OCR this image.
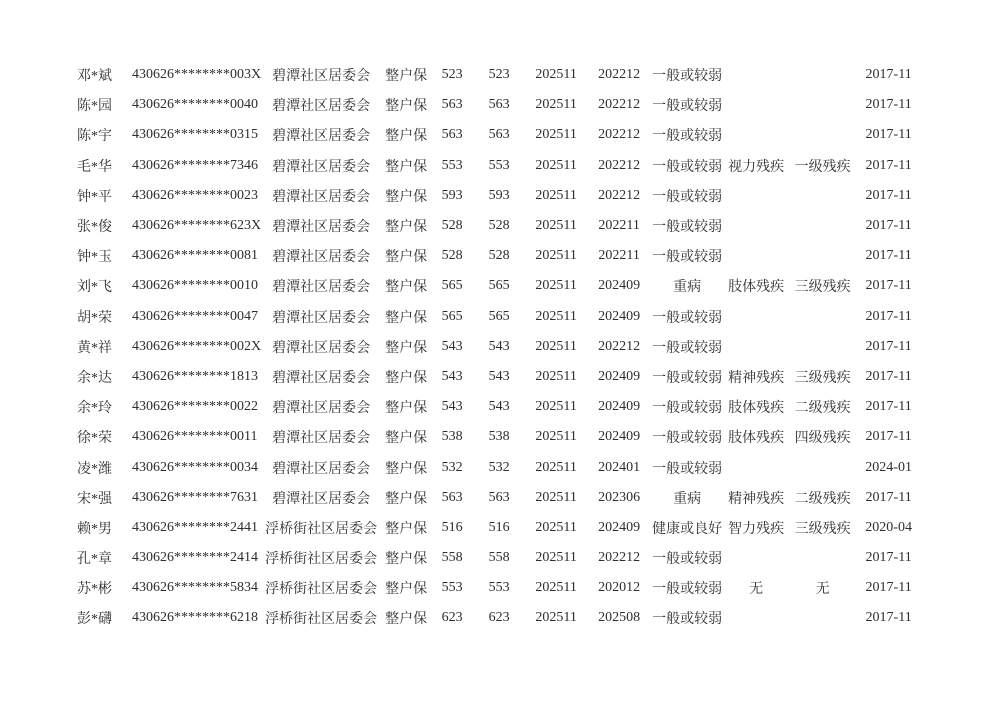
邓*斌	430626********003X	碧潭社区居委会	整户保	523	523	202511	202212	一般或较弱			2017-11
陈*园	430626********0040	碧潭社区居委会	整户保	563	563	202511	202212	一般或较弱			2017-11
陈*宇	430626********0315	碧潭社区居委会	整户保	563	563	202511	202212	一般或较弱			2017-11
毛*华	430626********7346	碧潭社区居委会	整户保	553	553	202511	202212	一般或较弱	视力残疾	一级残疾	2017-11
钟*平	430626********0023	碧潭社区居委会	整户保	593	593	202511	202212	一般或较弱			2017-11
张*俊	430626********623X	碧潭社区居委会	整户保	528	528	202511	202211	一般或较弱			2017-11
钟*玉	430626********0081	碧潭社区居委会	整户保	528	528	202511	202211	一般或较弱			2017-11
刘*飞	430626********0010	碧潭社区居委会	整户保	565	565	202511	202409	重病	肢体残疾	三级残疾	2017-11
胡*荣	430626********0047	碧潭社区居委会	整户保	565	565	202511	202409	一般或较弱			2017-11
黄*祥	430626********002X	碧潭社区居委会	整户保	543	543	202511	202212	一般或较弱			2017-11
余*达	430626********1813	碧潭社区居委会	整户保	543	543	202511	202409	一般或较弱	精神残疾	三级残疾	2017-11
余*玲	430626********0022	碧潭社区居委会	整户保	543	543	202511	202409	一般或较弱	肢体残疾	二级残疾	2017-11
徐*荣	430626********0011	碧潭社区居委会	整户保	538	538	202511	202409	一般或较弱	肢体残疾	四级残疾	2017-11
凌*潍	430626********0034	碧潭社区居委会	整户保	532	532	202511	202401	一般或较弱			2024-01
宋*强	430626********7631	碧潭社区居委会	整户保	563	563	202511	202306	重病	精神残疾	二级残疾	2017-11
赖*男	430626********2441	浮桥街社区居委会	整户保	516	516	202511	202409	健康或良好	智力残疾	三级残疾	2020-04
孔*章	430626********2414	浮桥街社区居委会	整户保	558	558	202511	202212	一般或较弱			2017-11
苏*彬	430626********5834	浮桥街社区居委会	整户保	553	553	202511	202012	一般或较弱	无	无	2017-11
彭*礴	430626********6218	浮桥街社区居委会	整户保	623	623	202511	202508	一般或较弱			2017-11
